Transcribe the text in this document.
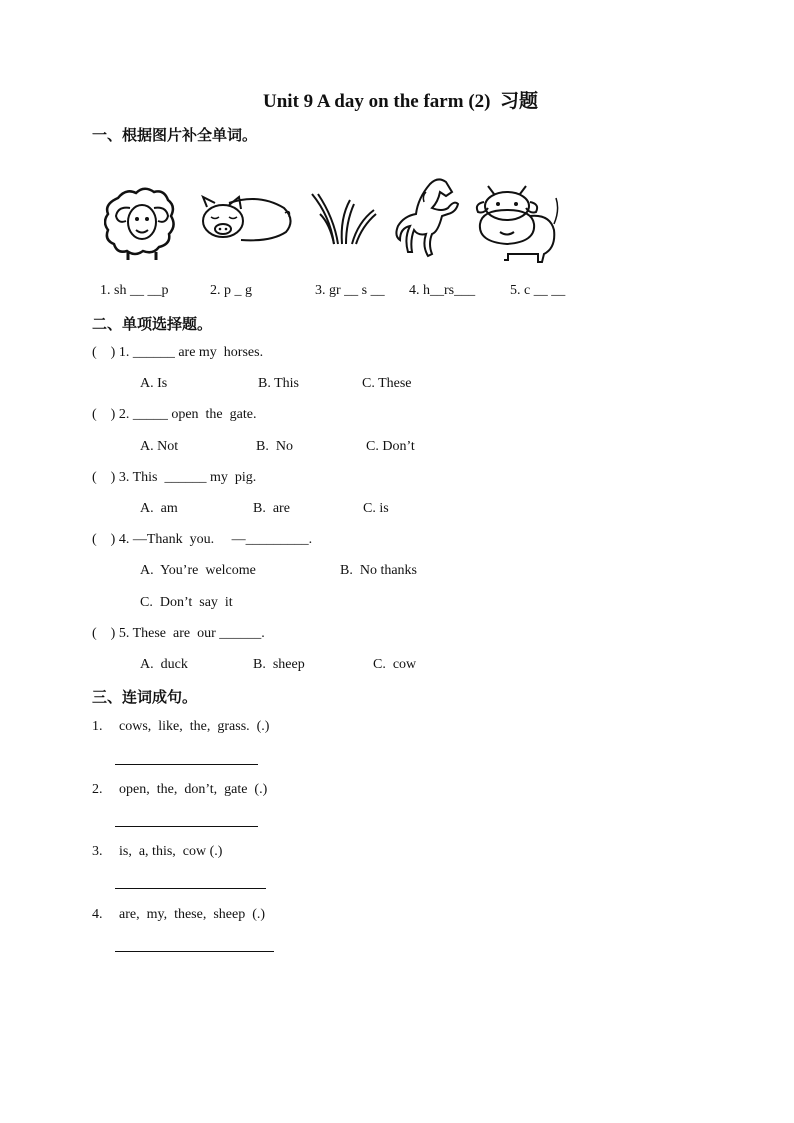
Unit 9 A day on the farm (2)  习题
一、根据图片补全单词。
1. sh __ __p	2. p _ g	3. gr __ s __ 4. h__rs___ 5. c __ __
二、单项选择题。
(    ) 1. ______ are my  horses.
A. Is	B. This	C. These
(    ) 2. _____ open  the  gate.
A. Not	B.  No	C. Don’t
(    ) 3. This  ______ my  pig.
A.  am	B.  are	C. is
(    ) 4. —Thank  you.     —_________.
A.  You’re  welcome	B.  No thanks
C.  Don’t  say  it
(    ) 5. These  are  our ______.
A.  duck	B.  sheep	C.  cow
三、连词成句。
1. cows,  like,  the,  grass.  (.)
2. open,  the,  don’t,  gate  (.)
3. is,  a, this,  cow (.)
4. are,  my,  these,  sheep  (.)
